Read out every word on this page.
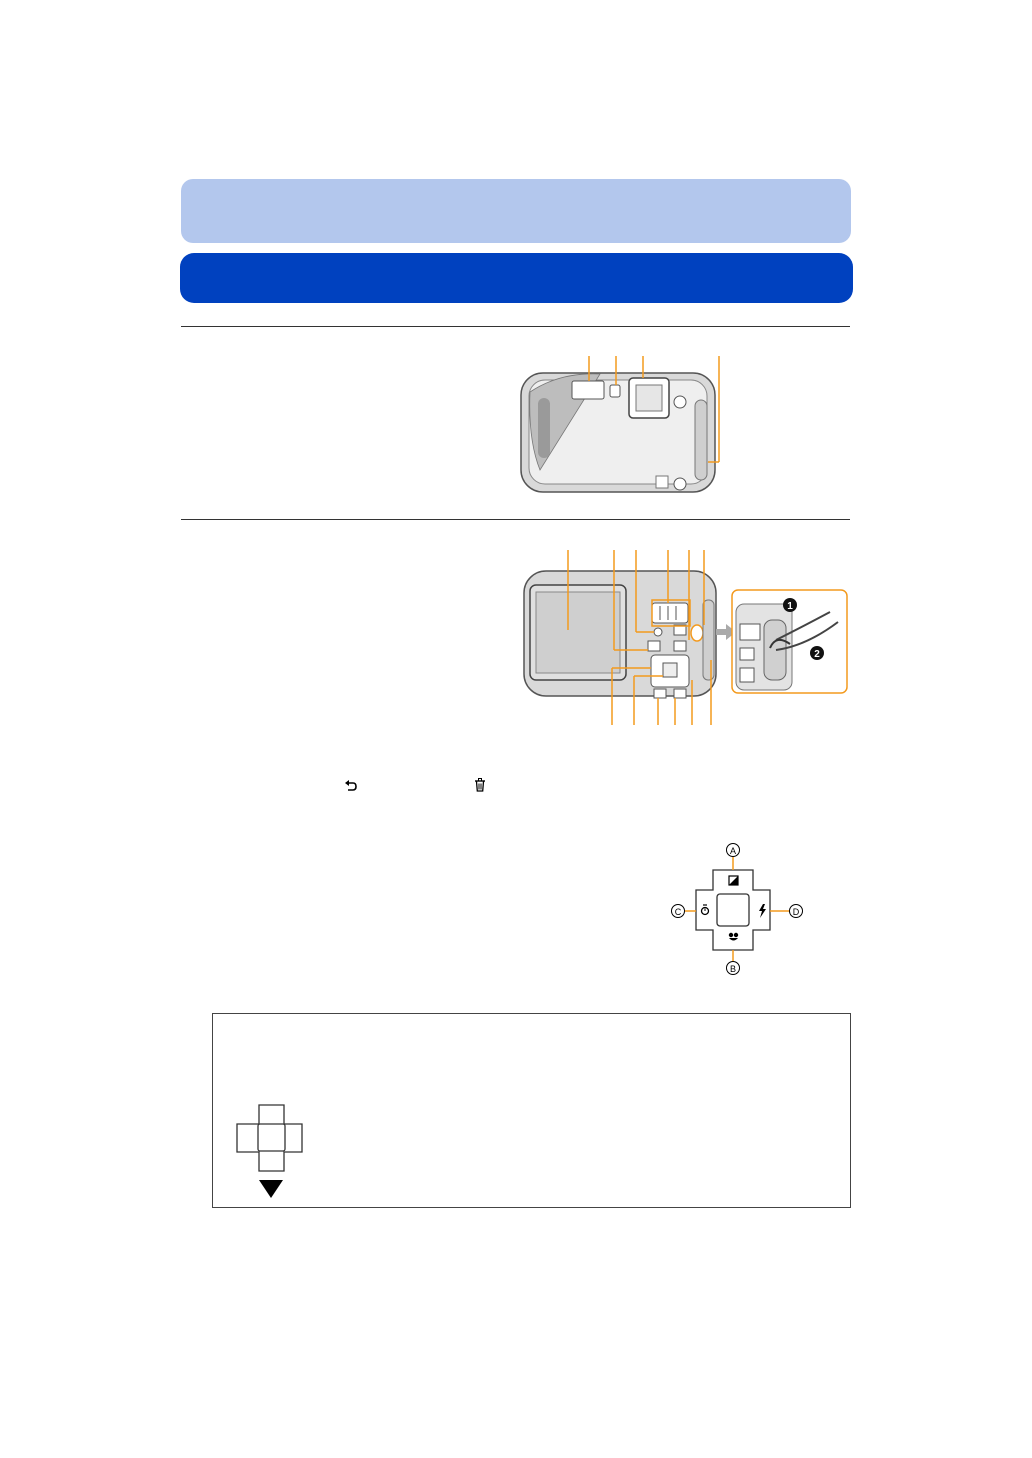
1
2
A
B
C	D
